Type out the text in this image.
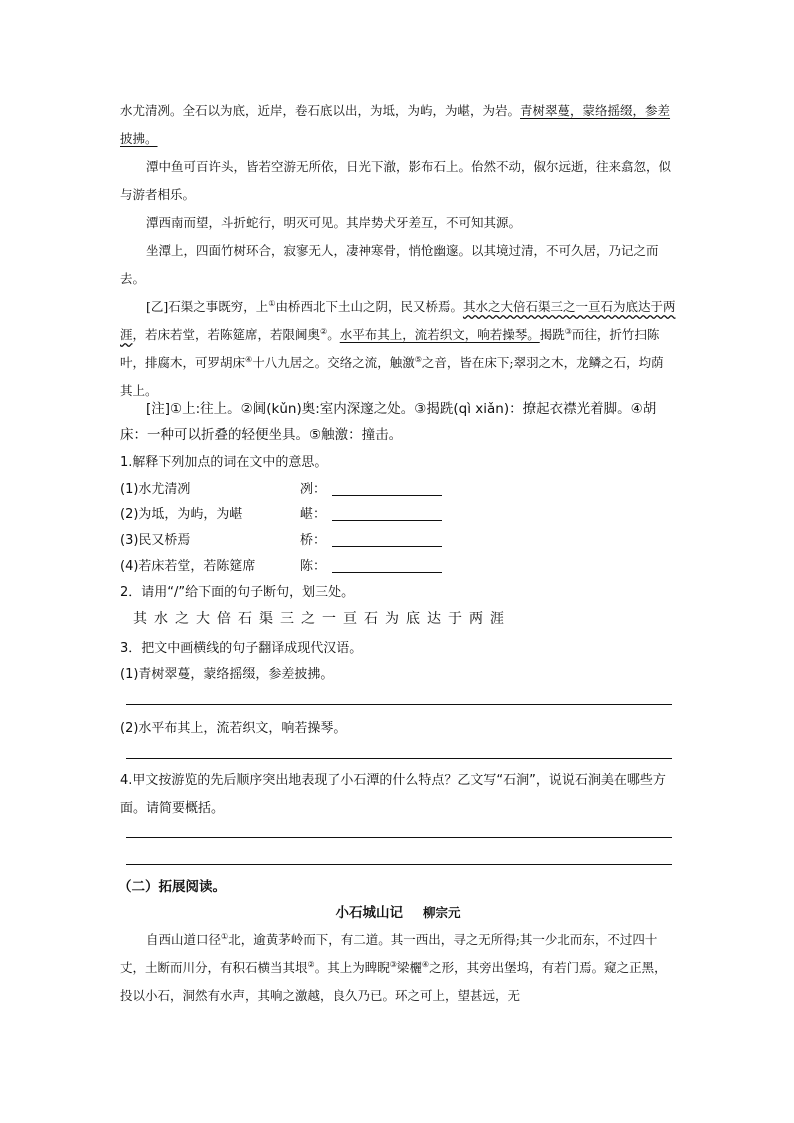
水尤清冽。全石以为底，近岸，卷石底以出，为坻，为屿，为嵁，为岩。青树翠蔓，蒙络摇缀，参差披拂。
潭中鱼可百许头，皆若空游无所依，日光下澈，影布石上。佁然不动，俶尔远逝，往来翕忽，似与游者相乐。
潭西南而望，斗折蛇行，明灭可见。其岸势犬牙差互，不可知其源。
坐潭上，四面竹树环合，寂寥无人，凄神寒骨，悄怆幽邃。以其境过清，不可久居，乃记之而去。
[乙]石渠之事既穷，上①由桥西北下土山之阴，民又桥焉。其水之大倍石渠三之一亘石为底达于两涯，若床若堂，若陈筵席，若限阃奥②。水平布其上，流若织文，响若操琴。揭跣③而往，折竹扫陈叶，排腐木，可罗胡床④十八九居之。交络之流，触激⑤之音，皆在床下;翠羽之木，龙鳞之石，均荫其上。
[注]①上:往上。②阃(kǔn)奥:室内深邃之处。③揭跣(qì xiǎn)：撩起衣襟光着脚。④胡床：一种可以折叠的轻便坐具。⑤触激：撞击。
1.解释下列加点的词在文中的意思。
(1)水尤清冽	冽：
(2)为坻，为屿，为嵁	嵁：
(3)民又桥焉	桥：
(4)若床若堂，若陈筵席	陈：
2．请用“/”给下面的句子断句，划三处。
其水之大倍石渠三之一亘石为底达于两涯
3．把文中画横线的句子翻译成现代汉语。
(1)青树翠蔓，蒙络摇缀，参差披拂。
(2)水平布其上，流若织文，响若操琴。
4.甲文按游览的先后顺序突出地表现了小石潭的什么特点？乙文写“石涧”，说说石涧美在哪些方面。请简要概括。
（二）拓展阅读。
小石城山记 柳宗元
自西山道口径①北，逾黄茅岭而下，有二道。其一西出，寻之无所得;其一少北而东，不过四十丈，土断而川分，有积石横当其垠②。其上为睥睨③梁欐④之形，其旁出堡坞，有若门焉。窥之正黑，投以小石，洞然有水声，其响之激越，良久乃已。环之可上，望甚远，无
